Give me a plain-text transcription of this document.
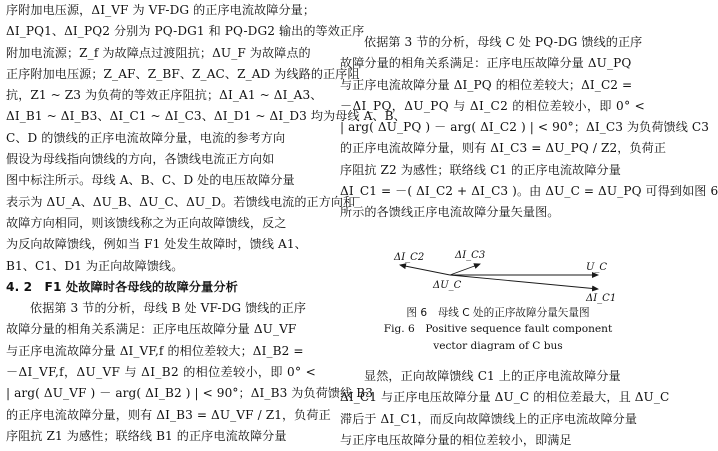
序附加电压源，ΔI_VF 为 VF-DG 的正序电流故障分量；
ΔI_PQ1、ΔI_PQ2 分别为 PQ-DG1 和 PQ-DG2 输出的等效正序
附加电流源；Z_f 为故障点过渡阻抗；ΔU_F 为故障点的
正序附加电压源；Z_AF、Z_BF、Z_AC、Z_AD 为线路的正序阻
抗，Z1 ~ Z3 为负荷的等效正序阻抗；ΔI_A1 ~ ΔI_A3、
ΔI_B1 ~ ΔI_B3、ΔI_C1 ~ ΔI_C3、ΔI_D1 ~ ΔI_D3 均为母线 A、B、
C、D 的馈线的正序电流故障分量，电流的参考方向
假设为母线指向馈线的方向，各馈线电流正方向如
图中标注所示。母线 A、B、C、D 处的电压故障分量
表示为 ΔU_A、ΔU_B、ΔU_C、ΔU_D。若馈线电流的正方向和
故障方向相同，则该馈线称之为正向故障馈线，反之
为反向故障馈线，例如当 F1 处发生故障时，馈线 A1、
B1、C1、D1 为正向故障馈线。
4. 2　F1 处故障时各母线的故障分量分析
依据第 3 节的分析，母线 B 处 VF-DG 馈线的正序
故障分量的相角关系满足：正序电压故障分量 ΔU_VF
与正序电流故障分量 ΔI_VF,f 的相位差较大；ΔI_B2 =
－ΔI_VF,f，ΔU_VF 与 ΔI_B2 的相位差较小，即 0° <
| arg( ΔU_VF ) － arg( ΔI_B2 ) | < 90°；ΔI_B3 为负荷馈线 B3
的正序电流故障分量，则有 ΔI_B3 = ΔU_VF / Z1，负荷正
序阻抗 Z1 为感性；联络线 B1 的正序电流故障分量
依据第 3 节的分析，母线 C 处 PQ-DG 馈线的正序
故障分量的相角关系满足：正序电压故障分量 ΔU_PQ
与正序电流故障分量 ΔI_PQ 的相位差较大；ΔI_C2 =
－ΔI_PQ，ΔU_PQ 与 ΔI_C2 的相位差较小，即 0° <
| arg( ΔU_PQ ) － arg( ΔI_C2 ) | < 90°；ΔI_C3 为负荷馈线 C3
的正序电流故障分量，则有 ΔI_C3 = ΔU_PQ / Z2，负荷正
序阻抗 Z2 为感性；联络线 C1 的正序电流故障分量
ΔI_C1 = －( ΔI_C2 + ΔI_C3 )。由 ΔU_C = ΔU_PQ 可得到如图 6
所示的各馈线正序电流故障分量矢量图。
ΔI_C2	ΔI_C3
U_C
ΔU_C
ΔI_C1
图 6　母线 C 处的正序故障分量矢量图
Fig. 6　Positive sequence fault component
vector diagram of C bus
显然，正向故障馈线 C1 上的正序电流故障分量
ΔI_C1 与正序电压故障分量 ΔU_C 的相位差最大，且 ΔU_C
滞后于 ΔI_C1，而反向故障馈线上的正序电流故障分量
与正序电压故障分量的相位差较小，即满足
